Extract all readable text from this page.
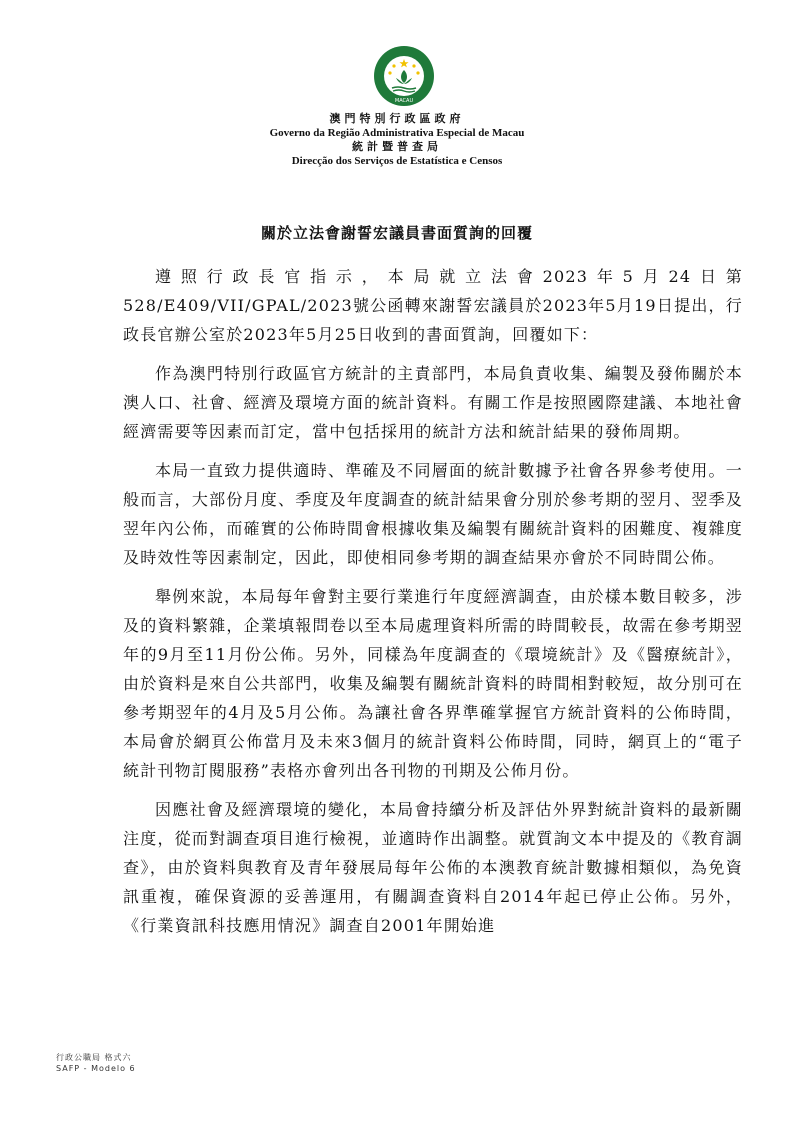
MACAU
澳門特別行政區政府
Governo da Região Administrativa Especial de Macau
統計暨普查局
Direcção dos Serviços de Estatística e Censos
關於立法會謝誓宏議員書面質詢的回覆

遵照行政長官指示，本局就立法會2023年5月24日第528/E409/VII/GPAL/2023號公函轉來謝誓宏議員於2023年5月19日提出，行政長官辦公室於2023年5月25日收到的書面質詢，回覆如下：

作為澳門特別行政區官方統計的主責部門，本局負責收集、編製及發佈關於本澳人口、社會、經濟及環境方面的統計資料。有關工作是按照國際建議、本地社會經濟需要等因素而訂定，當中包括採用的統計方法和統計結果的發佈周期。

本局一直致力提供適時、準確及不同層面的統計數據予社會各界參考使用。一般而言，大部份月度、季度及年度調查的統計結果會分別於參考期的翌月、翌季及翌年內公佈，而確實的公佈時間會根據收集及編製有關統計資料的困難度、複雜度及時效性等因素制定，因此，即使相同參考期的調查結果亦會於不同時間公佈。

舉例來說，本局每年會對主要行業進行年度經濟調查，由於樣本數目較多，涉及的資料繁雜，企業填報問卷以至本局處理資料所需的時間較長，故需在參考期翌年的9月至11月份公佈。另外，同樣為年度調查的《環境統計》及《醫療統計》，由於資料是來自公共部門，收集及編製有關統計資料的時間相對較短，故分別可在參考期翌年的4月及5月公佈。為讓社會各界準確掌握官方統計資料的公佈時間，本局會於網頁公佈當月及未來3個月的統計資料公佈時間，同時，網頁上的“電子統計刊物訂閱服務”表格亦會列出各刊物的刊期及公佈月份。

因應社會及經濟環境的變化，本局會持續分析及評估外界對統計資料的最新關注度，從而對調查項目進行檢視，並適時作出調整。就質詢文本中提及的《教育調查》，由於資料與教育及青年發展局每年公佈的本澳教育統計數據相類似，為免資訊重複，確保資源的妥善運用，有關調查資料自2014年起已停止公佈。另外，《行業資訊科技應用情況》調查自2001年開始進

行政公職局 格式六
SAFP - Modelo 6
